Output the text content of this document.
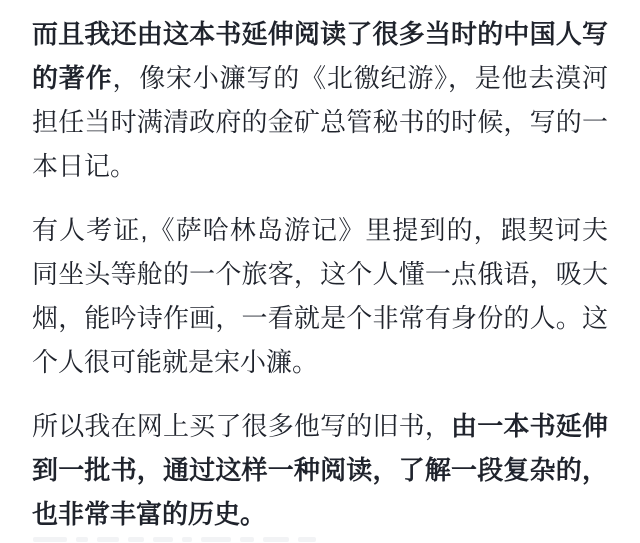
而且我还由这本书延伸阅读了很多当时的中国人写的著作，像宋小濂写的《北徼纪游》，是他去漠河担任当时满清政府的金矿总管秘书的时候，写的一本日记。

有人考证,《萨哈林岛游记》里提到的，跟契诃夫同坐头等舱的一个旅客，这个人懂一点俄语，吸大烟，能吟诗作画，一看就是个非常有身份的人。这个人很可能就是宋小濂。

所以我在网上买了很多他写的旧书，由一本书延伸到一批书，通过这样一种阅读，了解一段复杂的，也非常丰富的历史。
